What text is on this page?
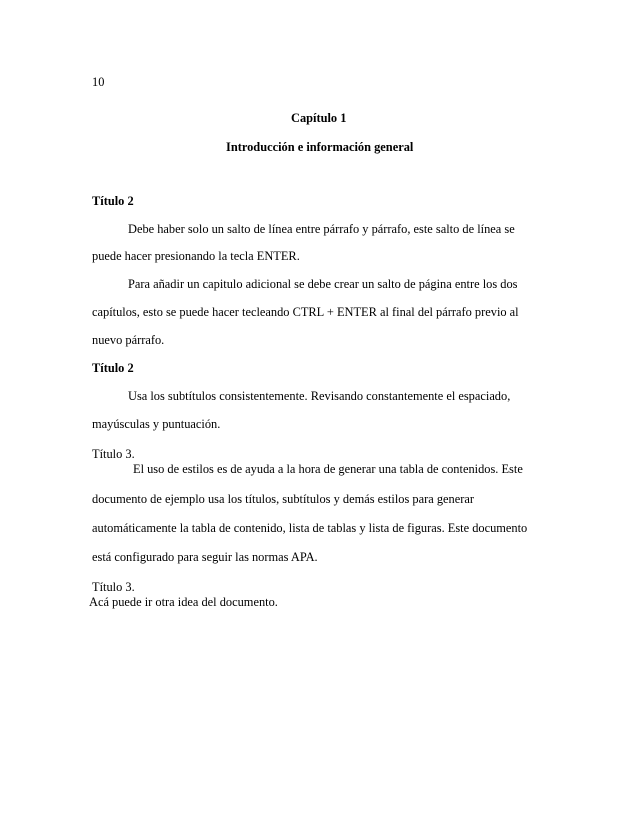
10

Capítulo 1

Introducción e información general

Título 2

Debe haber solo un salto de línea entre párrafo y párrafo, este salto de línea se

puede hacer presionando la tecla ENTER.

Para añadir un capitulo adicional se debe crear un salto de página entre los dos

capítulos, esto se puede hacer tecleando CTRL + ENTER al final del párrafo previo al

nuevo párrafo.

Título 2

Usa los subtítulos consistentemente. Revisando constantemente el espaciado,

mayúsculas y puntuación.

Título 3.

El uso de estilos es de ayuda a la hora de generar una tabla de contenidos. Este

documento de ejemplo usa los títulos, subtítulos y demás estilos para generar

automáticamente la tabla de contenido, lista de tablas y lista de figuras. Este documento

está configurado para seguir las normas APA.

Título 3.

Acá puede ir otra idea del documento.
